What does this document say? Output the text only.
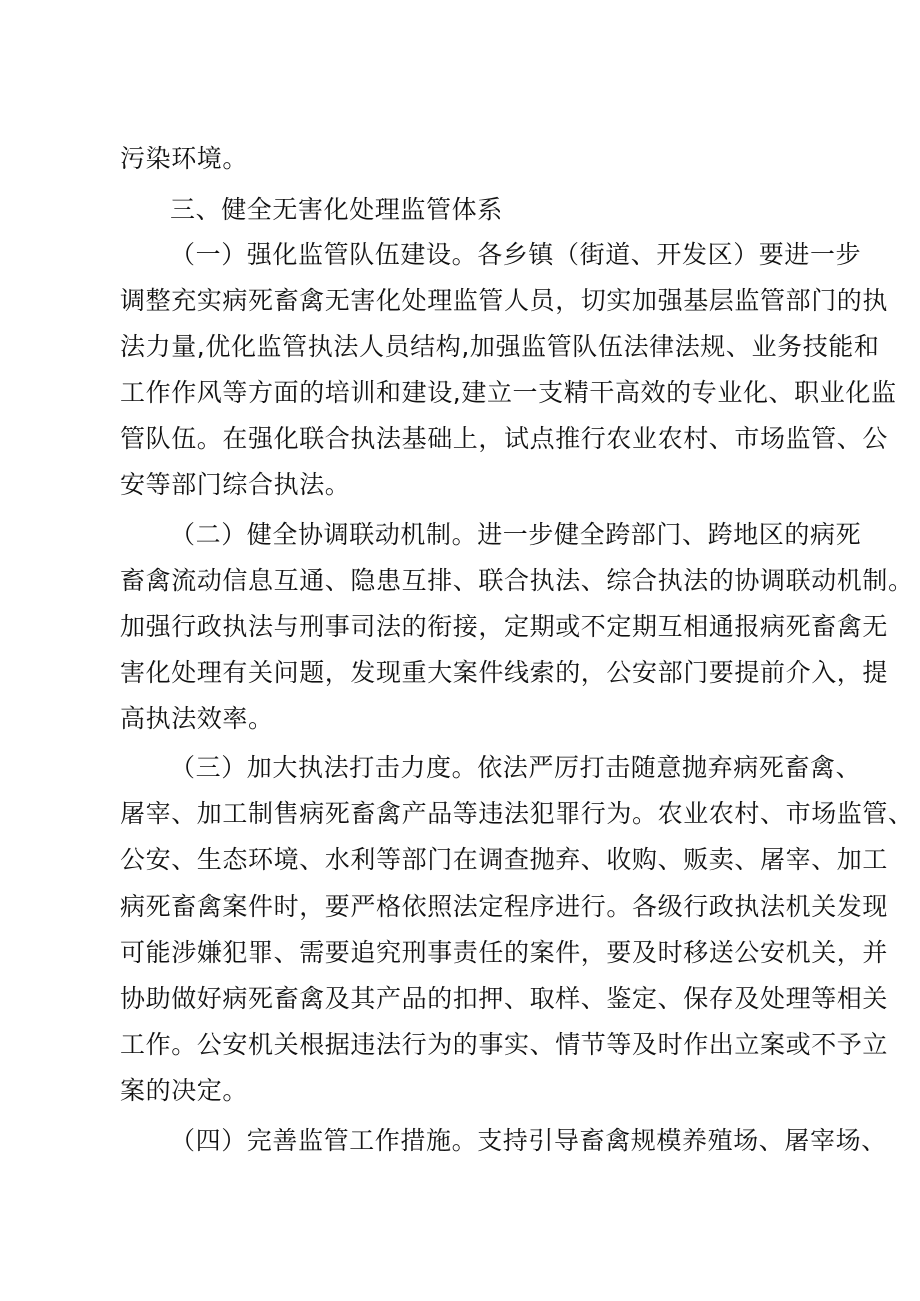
污染环境。
三、健全无害化处理监管体系
（一）强化监管队伍建设。各乡镇（街道、开发区）要进一步
调整充实病死畜禽无害化处理监管人员，切实加强基层监管部门的执
法力量,优化监管执法人员结构,加强监管队伍法律法规、业务技能和
工作作风等方面的培训和建设,建立一支精干高效的专业化、职业化监
管队伍。在强化联合执法基础上，试点推行农业农村、市场监管、公
安等部门综合执法。
（二）健全协调联动机制。进一步健全跨部门、跨地区的病死
畜禽流动信息互通、隐患互排、联合执法、综合执法的协调联动机制。
加强行政执法与刑事司法的衔接，定期或不定期互相通报病死畜禽无
害化处理有关问题，发现重大案件线索的，公安部门要提前介入，提
高执法效率。
（三）加大执法打击力度。依法严厉打击随意抛弃病死畜禽、
屠宰、加工制售病死畜禽产品等违法犯罪行为。农业农村、市场监管、
公安、生态环境、水利等部门在调查抛弃、收购、贩卖、屠宰、加工
病死畜禽案件时，要严格依照法定程序进行。各级行政执法机关发现
可能涉嫌犯罪、需要追究刑事责任的案件，要及时移送公安机关，并
协助做好病死畜禽及其产品的扣押、取样、鉴定、保存及处理等相关
工作。公安机关根据违法行为的事实、情节等及时作出立案或不予立
案的决定。
（四）完善监管工作措施。支持引导畜禽规模养殖场、屠宰场、
